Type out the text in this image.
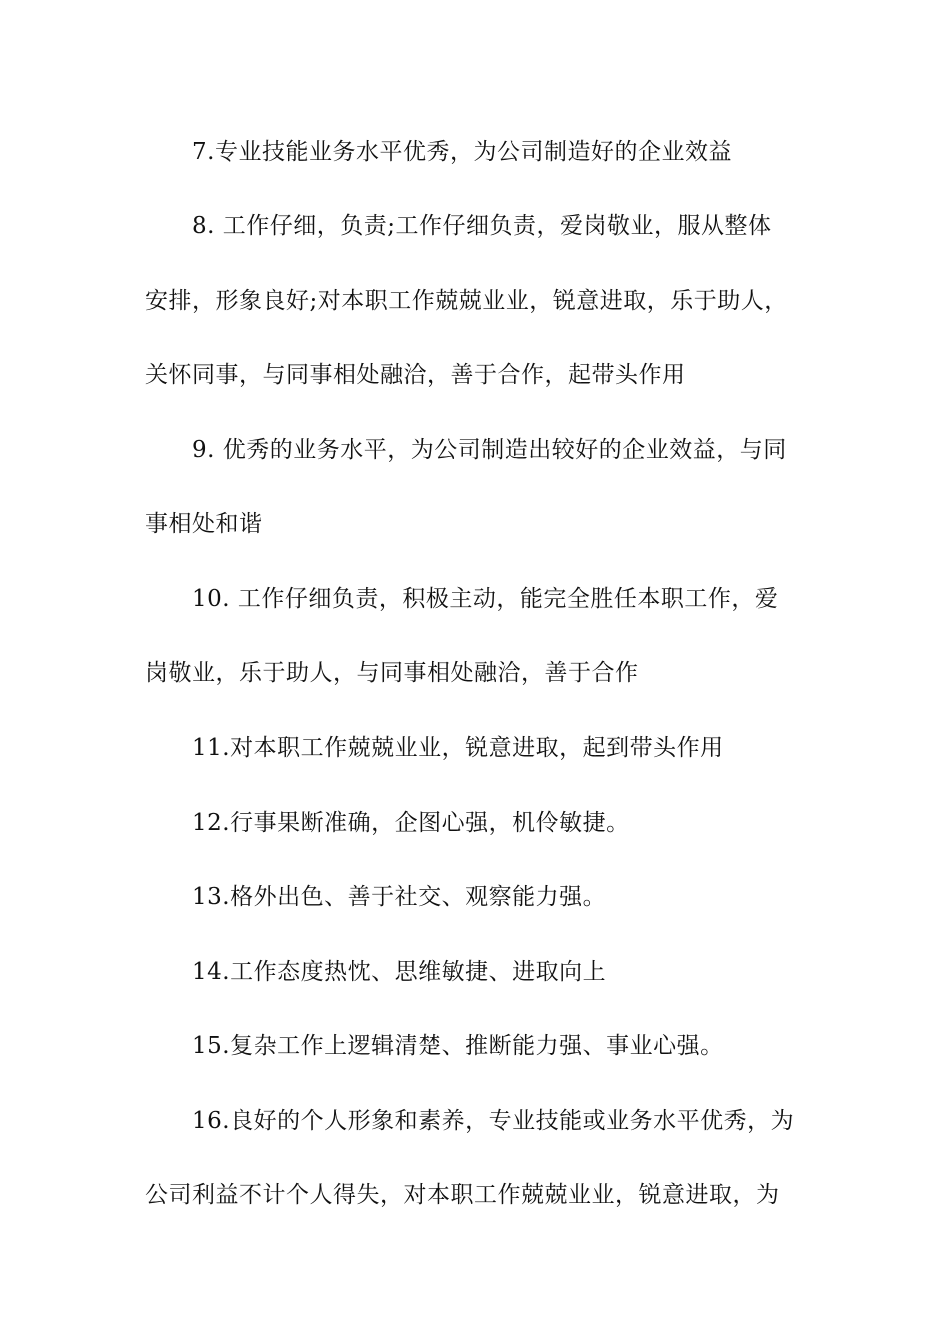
7.专业技能业务水平优秀，为公司制造好的企业效益
8. 工作仔细，负责;工作仔细负责，爱岗敬业，服从整体
安排，形象良好;对本职工作兢兢业业，锐意进取，乐于助人，
关怀同事，与同事相处融洽，善于合作，起带头作用
9. 优秀的业务水平，为公司制造出较好的企业效益，与同
事相处和谐
10. 工作仔细负责，积极主动，能完全胜任本职工作，爱
岗敬业，乐于助人，与同事相处融洽，善于合作
11.对本职工作兢兢业业，锐意进取，起到带头作用
12.行事果断准确，企图心强，机伶敏捷。
13.格外出色、善于社交、观察能力强。
14.工作态度热忱、思维敏捷、进取向上
15.复杂工作上逻辑清楚、推断能力强、事业心强。
16.良好的个人形象和素养，专业技能或业务水平优秀，为
公司利益不计个人得失，对本职工作兢兢业业，锐意进取，为
